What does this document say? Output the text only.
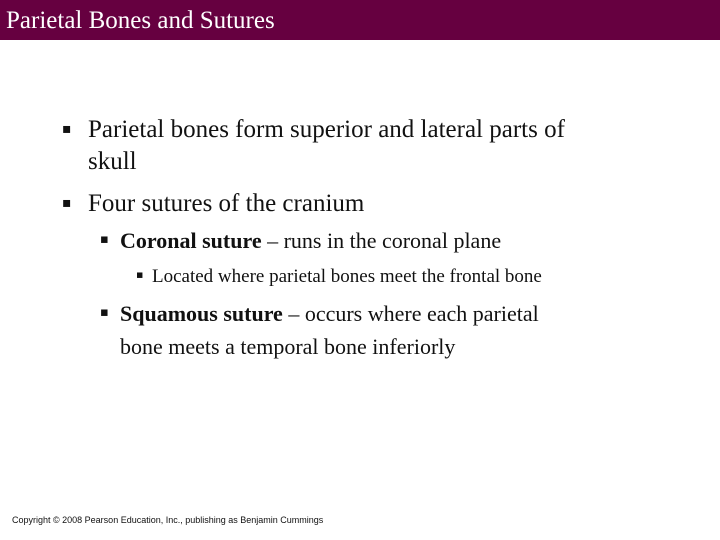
Parietal Bones and Sutures
▪ Parietal bones form superior and lateral parts of

skull

▪ Four sutures of the cranium

▪ Coronal suture – runs in the coronal plane

▪ Located where parietal bones meet the frontal bone

▪ Squamous suture – occurs where each parietal

bone meets a temporal bone inferiorly

Copyright © 2008 Pearson Education, Inc., publishing as Benjamin Cummings
